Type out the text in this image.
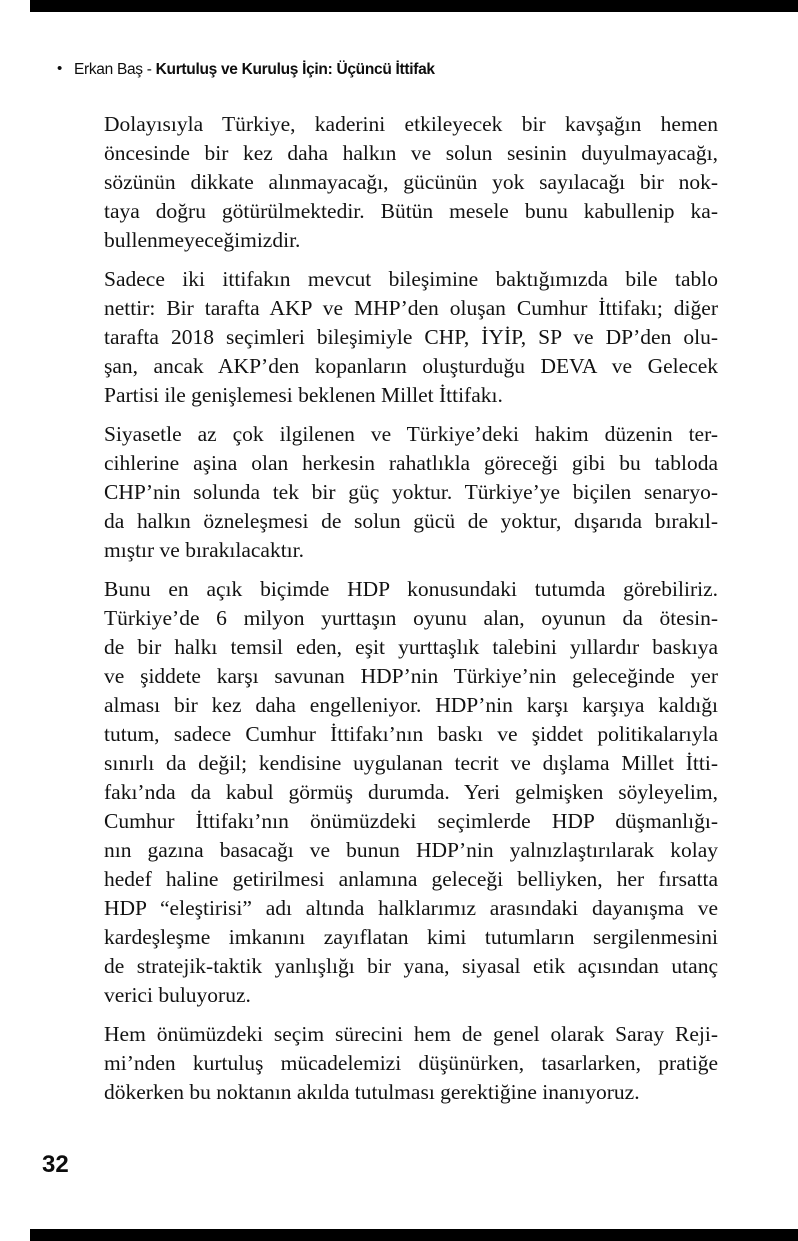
• Erkan Baş - Kurtuluş ve Kuruluş İçin: Üçüncü İttifak
Dolayısıyla Türkiye, kaderini etkileyecek bir kavşağın hemen
öncesinde bir kez daha halkın ve solun sesinin duyulmayacağı,
sözünün dikkate alınmayacağı, gücünün yok sayılacağı bir nok-
taya doğru götürülmektedir. Bütün mesele bunu kabullenip ka-
bullenmeyeceğimizdir.
Sadece iki ittifakın mevcut bileşimine baktığımızda bile tablo
nettir: Bir tarafta AKP ve MHP’den oluşan Cumhur İttifakı; diğer
tarafta 2018 seçimleri bileşimiyle CHP, İYİP, SP ve DP’den olu-
şan, ancak AKP’den kopanların oluşturduğu DEVA ve Gelecek
Partisi ile genişlemesi beklenen Millet İttifakı.
Siyasetle az çok ilgilenen ve Türkiye’deki hakim düzenin ter-
cihlerine aşina olan herkesin rahatlıkla göreceği gibi bu tabloda
CHP’nin solunda tek bir güç yoktur. Türkiye’ye biçilen senaryo-
da halkın özneleşmesi de solun gücü de yoktur, dışarıda bırakıl-
mıştır ve bırakılacaktır.
Bunu en açık biçimde HDP konusundaki tutumda görebiliriz.
Türkiye’de 6 milyon yurttaşın oyunu alan, oyunun da ötesin-
de bir halkı temsil eden, eşit yurttaşlık talebini yıllardır baskıya
ve şiddete karşı savunan HDP’nin Türkiye’nin geleceğinde yer
alması bir kez daha engelleniyor. HDP’nin karşı karşıya kaldığı
tutum, sadece Cumhur İttifakı’nın baskı ve şiddet politikalarıyla
sınırlı da değil; kendisine uygulanan tecrit ve dışlama Millet İtti-
fakı’nda da kabul görmüş durumda. Yeri gelmişken söyleyelim,
Cumhur İttifakı’nın önümüzdeki seçimlerde HDP düşmanlığı-
nın gazına basacağı ve bunun HDP’nin yalnızlaştırılarak kolay
hedef haline getirilmesi anlamına geleceği belliyken, her fırsatta
HDP “eleştirisi” adı altında halklarımız arasındaki dayanışma ve
kardeşleşme imkanını zayıflatan kimi tutumların sergilenmesini
de stratejik-taktik yanlışlığı bir yana, siyasal etik açısından utanç
verici buluyoruz.
Hem önümüzdeki seçim sürecini hem de genel olarak Saray Reji-
mi’nden kurtuluş mücadelemizi düşünürken, tasarlarken, pratiğe
dökerken bu noktanın akılda tutulması gerektiğine inanıyoruz.
32
